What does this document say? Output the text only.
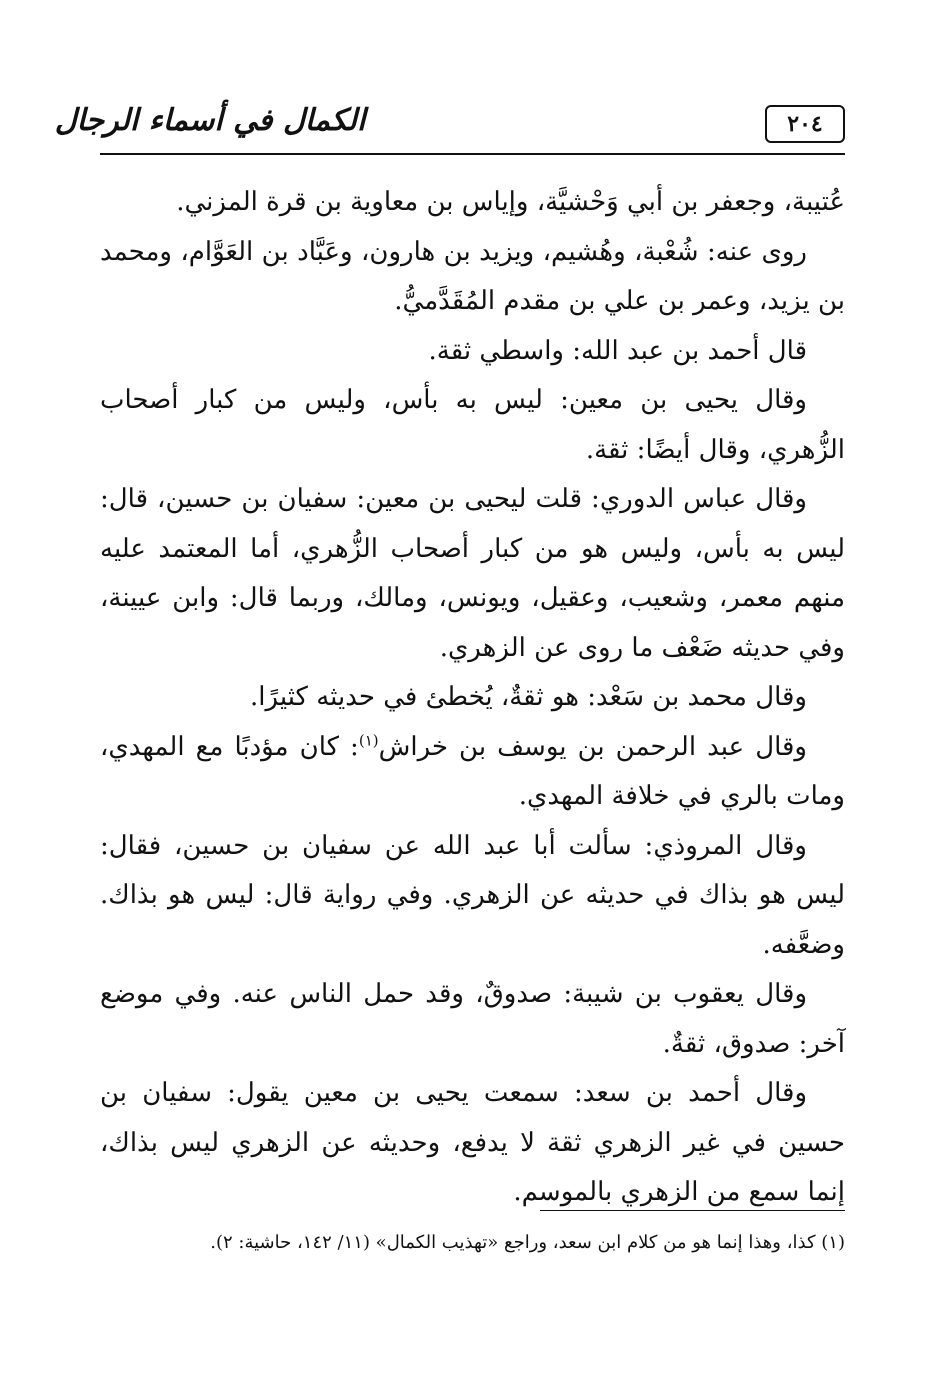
الكمال في أسماء الرجال	٢٠٤

عُتيبة، وجعفر بن أبي وَحْشيَّة، وإياس بن معاوية بن قرة المزني.

روى عنه: شُعْبة، وهُشيم، ويزيد بن هارون، وعَبَّاد بن العَوَّام، ومحمد بن يزيد، وعمر بن علي بن مقدم المُقَدَّميُّ.

قال أحمد بن عبد الله: واسطي ثقة.

وقال يحيى بن معين: ليس به بأس، وليس من كبار أصحاب الزُّهري، وقال أيضًا: ثقة.

وقال عباس الدوري: قلت ليحيى بن معين: سفيان بن حسين، قال: ليس به بأس، وليس هو من كبار أصحاب الزُّهري، أما المعتمد عليه منهم معمر، وشعيب، وعقيل، ويونس، ومالك، وربما قال: وابن عيينة، وفي حديثه ضَعْف ما روى عن الزهري.

وقال محمد بن سَعْد: هو ثقةٌ، يُخطئ في حديثه كثيرًا.

وقال عبد الرحمن بن يوسف بن خراش$^{(١)}$: كان مؤدبًا مع المهدي، ومات بالري في خلافة المهدي.

وقال المروذي: سألت أبا عبد الله عن سفيان بن حسين، فقال: ليس هو بذاك في حديثه عن الزهري. وفي رواية قال: ليس هو بذاك. وضعَّفه.

وقال يعقوب بن شيبة: صدوقٌ، وقد حمل الناس عنه. وفي موضع آخر: صدوق، ثقةٌ.

وقال أحمد بن سعد: سمعت يحيى بن معين يقول: سفيان بن حسين في غير الزهري ثقة لا يدفع، وحديثه عن الزهري ليس بذاك، إنما سمع من الزهري بالموسم.

(١) كذا، وهذا إنما هو من كلام ابن سعد، وراجع «تهذيب الكمال» (١١/ ١٤٢، حاشية: ٢).
